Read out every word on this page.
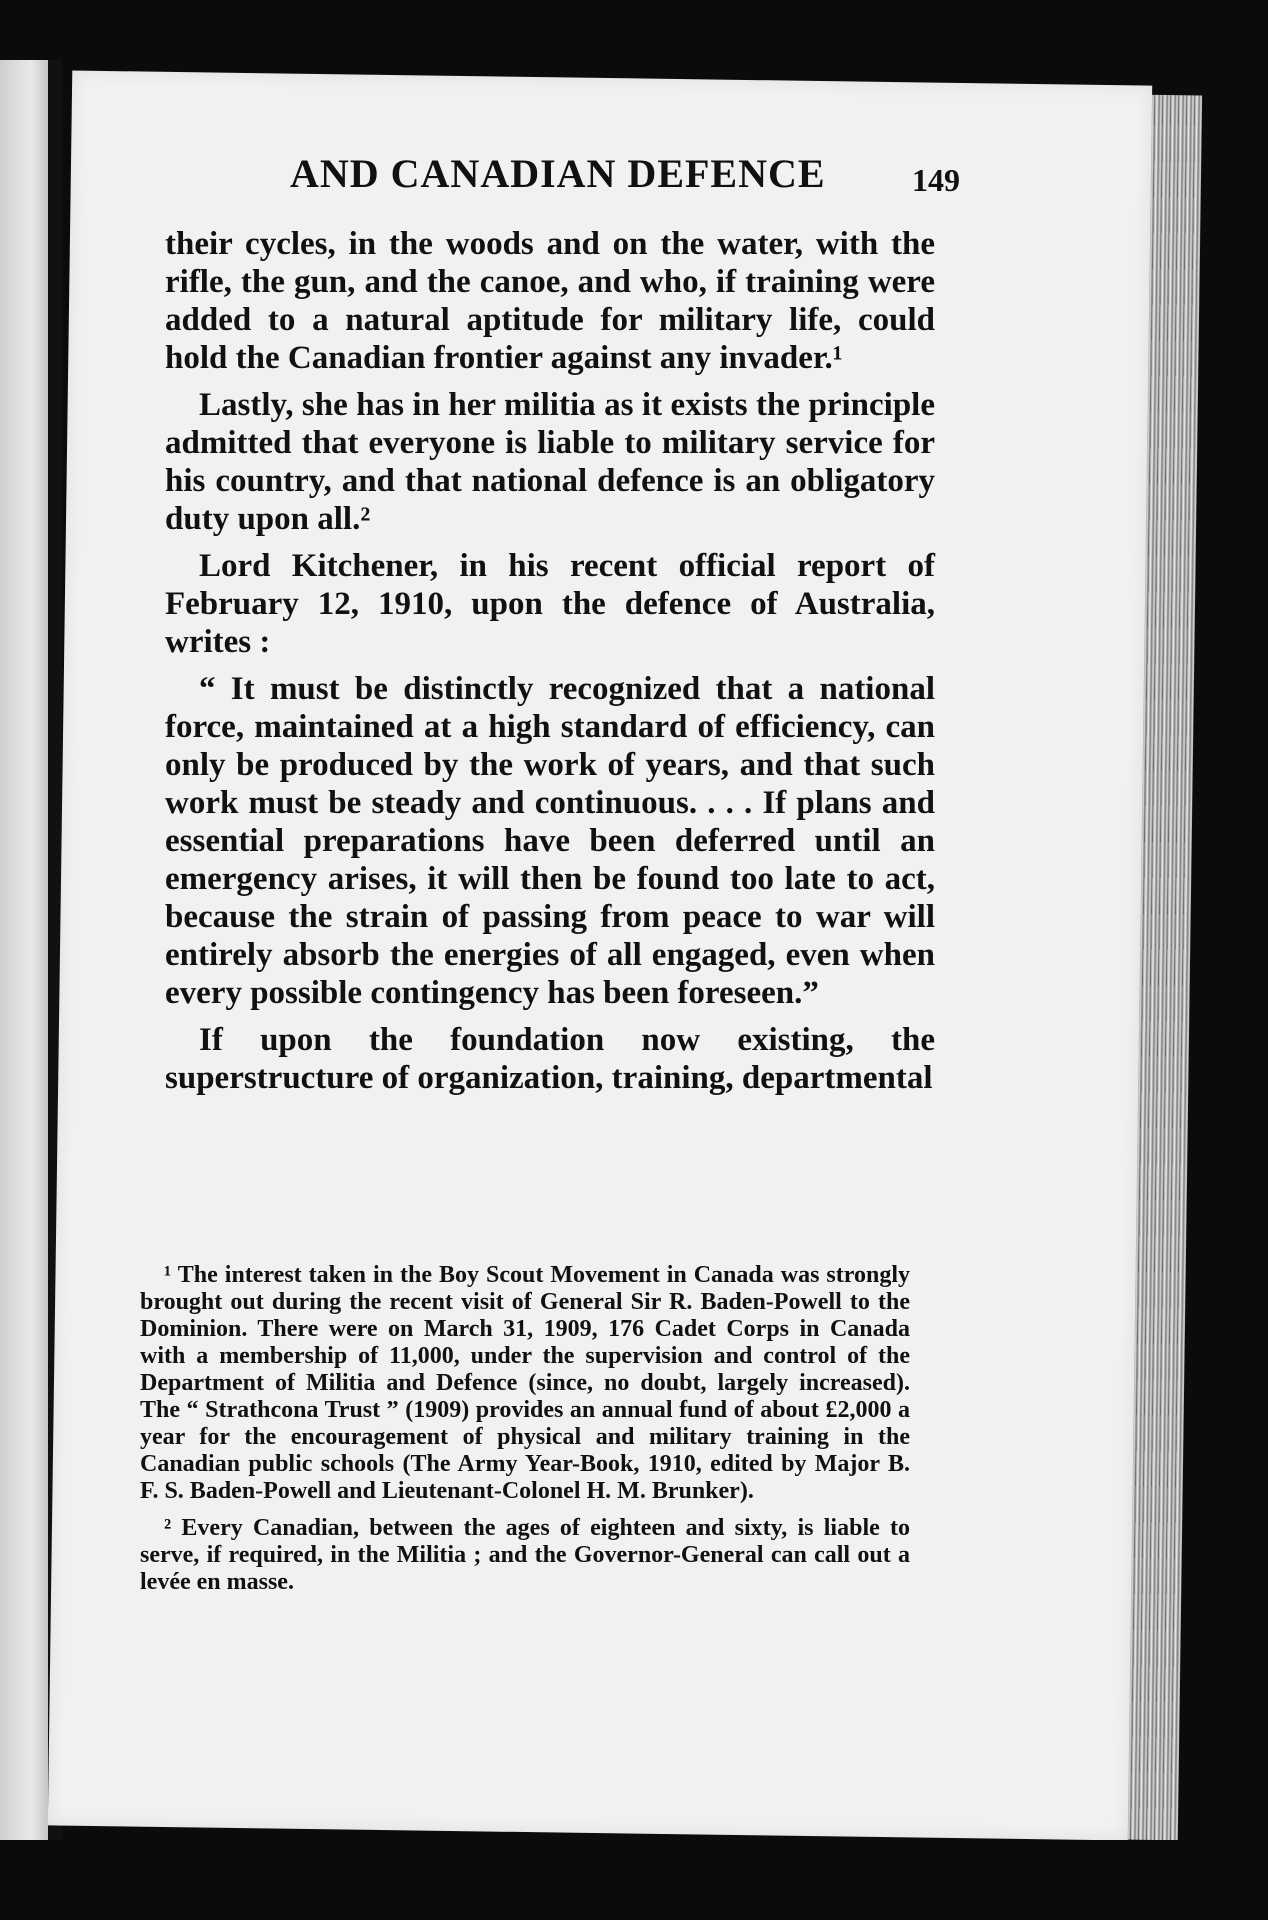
AND CANADIAN DEFENCE	149

their cycles, in the woods and on the water, with the rifle, the gun, and the canoe, and who, if training were added to a natural aptitude for military life, could hold the Canadian frontier against any invader.¹

Lastly, she has in her militia as it exists the principle admitted that everyone is liable to military service for his country, and that national defence is an obligatory duty upon all.²

Lord Kitchener, in his recent official report of February 12, 1910, upon the defence of Australia, writes :

“ It must be distinctly recognized that a national force, maintained at a high standard of efficiency, can only be produced by the work of years, and that such work must be steady and continuous. . . . If plans and essential preparations have been deferred until an emergency arises, it will then be found too late to act, because the strain of passing from peace to war will entirely absorb the energies of all engaged, even when every possible contingency has been foreseen.”

If upon the foundation now existing, the superstructure of organization, training, departmental

¹ The interest taken in the Boy Scout Movement in Canada was strongly brought out during the recent visit of General Sir R. Baden-Powell to the Dominion. There were on March 31, 1909, 176 Cadet Corps in Canada with a membership of 11,000, under the supervision and control of the Department of Militia and Defence (since, no doubt, largely increased). The “ Strathcona Trust ” (1909) provides an annual fund of about £2,000 a year for the encouragement of physical and military training in the Canadian public schools (The Army Year-Book, 1910, edited by Major B. F. S. Baden-Powell and Lieutenant-Colonel H. M. Brunker).

² Every Canadian, between the ages of eighteen and sixty, is liable to serve, if required, in the Militia ; and the Governor-General can call out a levée en masse.
